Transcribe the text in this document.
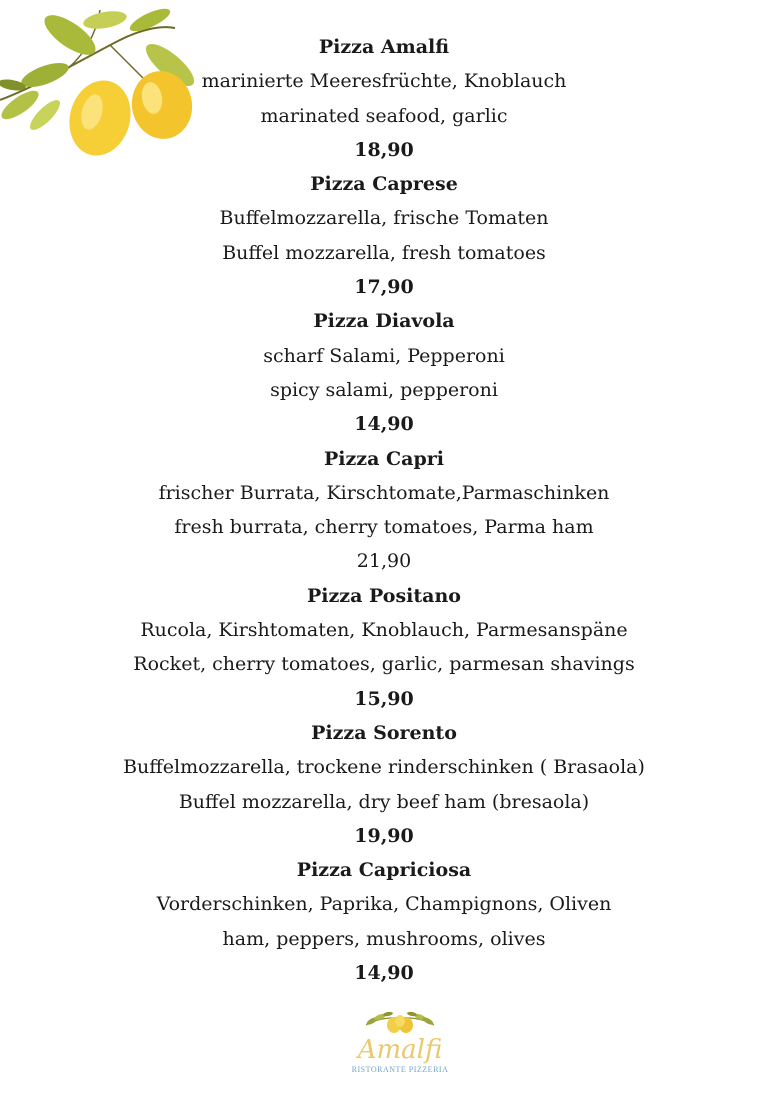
Pizza Amalfi
marinierte Meeresfrüchte, Knoblauch
marinated seafood, garlic
18,90
Pizza Caprese
Buffelmozzarella, frische Tomaten
Buffel mozzarella, fresh tomatoes
17,90
Pizza Diavola
scharf Salami, Pepperoni
spicy salami, pepperoni
14,90
Pizza Capri
frischer Burrata, Kirschtomate,Parmaschinken
fresh burrata, cherry tomatoes, Parma ham
21,90
Pizza Positano
Rucola, Kirshtomaten, Knoblauch, Parmesanspäne
Rocket, cherry tomatoes, garlic, parmesan shavings
15,90
Pizza Sorento
Buffelmozzarella, trockene rinderschinken ( Brasaola)
Buffel mozzarella, dry beef ham (bresaola)
19,90
Pizza Capriciosa
Vorderschinken, Paprika, Champignons, Oliven
ham, peppers, mushrooms, olives
14,90
Amalfi
RISTORANTE PIZZERIA
